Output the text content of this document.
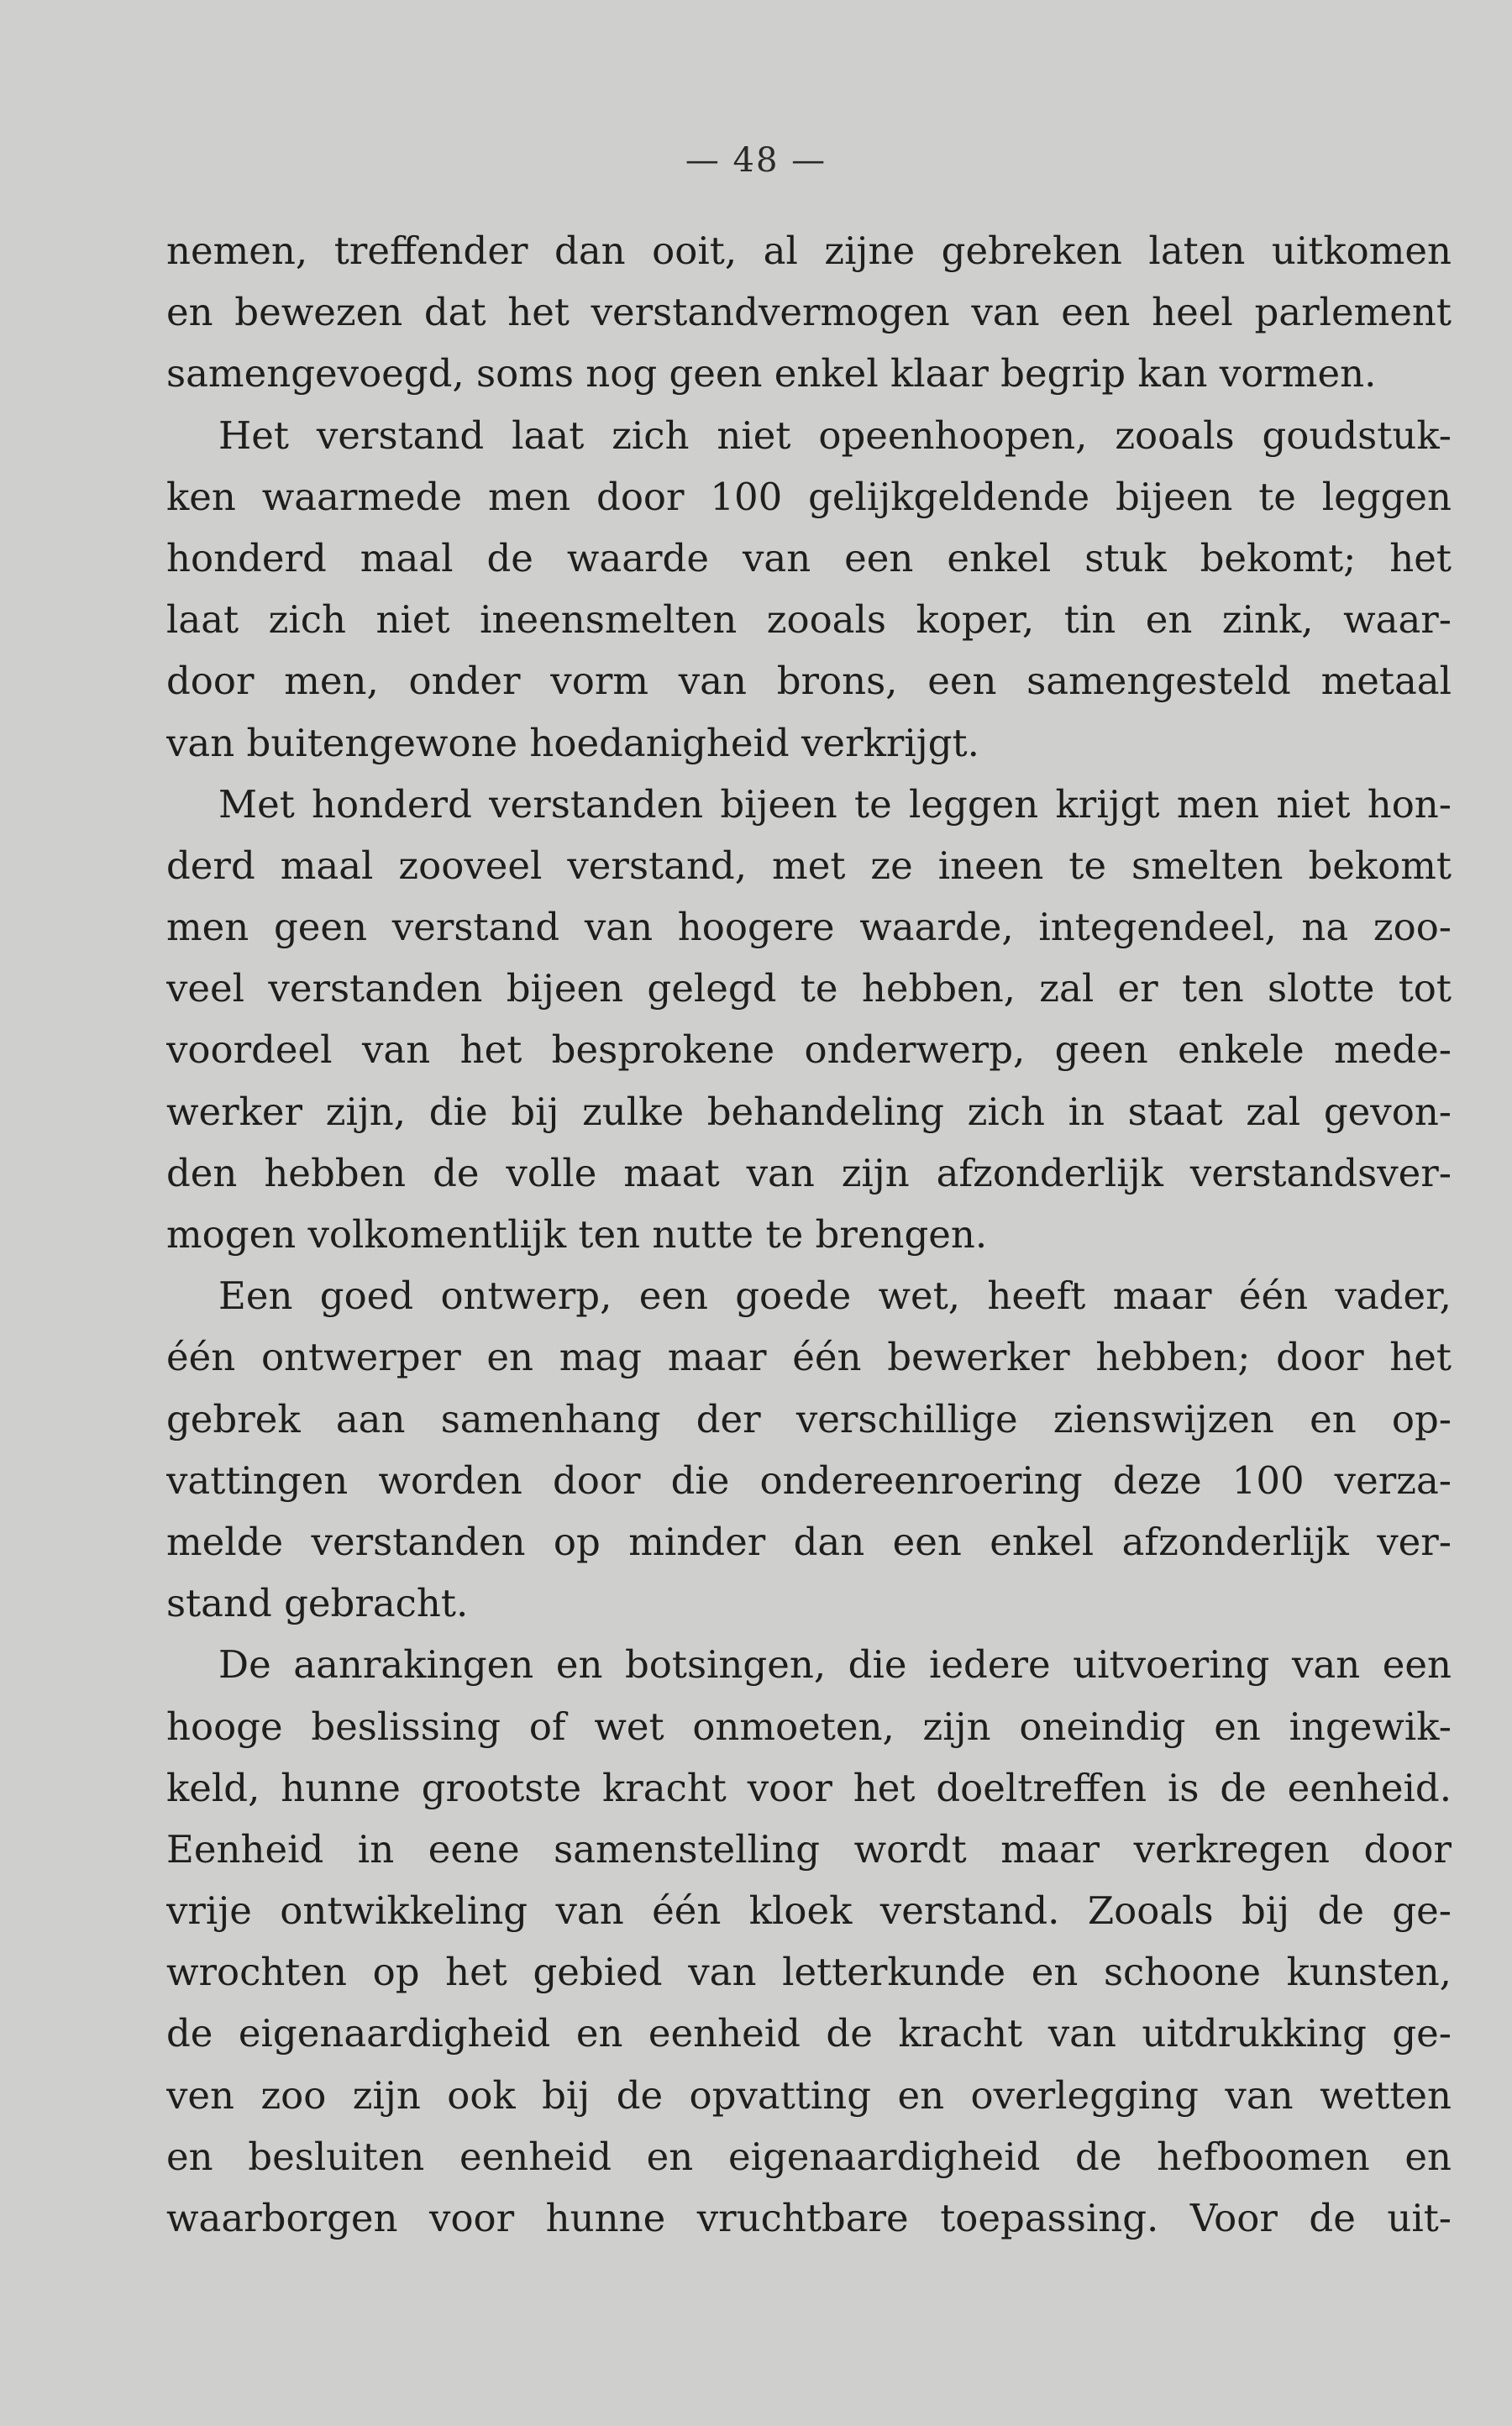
— 48 —
nemen, treffender dan ooit, al zijne gebreken laten uitkomen
en bewezen dat het verstandvermogen van een heel parlement
samengevoegd, soms nog geen enkel klaar begrip kan vormen.
Het verstand laat zich niet opeenhoopen, zooals goudstuk-
ken waarmede men door 100 gelijkgeldende bijeen te leggen
honderd maal de waarde van een enkel stuk bekomt; het
laat zich niet ineensmelten zooals koper, tin en zink, waar-
door men, onder vorm van brons, een samengesteld metaal
van buitengewone hoedanigheid verkrijgt.
Met honderd verstanden bijeen te leggen krijgt men niet hon-
derd maal zooveel verstand, met ze ineen te smelten bekomt
men geen verstand van hoogere waarde, integendeel, na zoo-
veel verstanden bijeen gelegd te hebben, zal er ten slotte tot
voordeel van het besprokene onderwerp, geen enkele mede-
werker zijn, die bij zulke behandeling zich in staat zal gevon-
den hebben de volle maat van zijn afzonderlijk verstandsver-
mogen volkomentlijk ten nutte te brengen.
Een goed ontwerp, een goede wet, heeft maar één vader,
één ontwerper en mag maar één bewerker hebben; door het
gebrek aan samenhang der verschillige zienswijzen en op-
vattingen worden door die ondereenroering deze 100 verza-
melde verstanden op minder dan een enkel afzonderlijk ver-
stand gebracht.
De aanrakingen en botsingen, die iedere uitvoering van een
hooge beslissing of wet onmoeten, zijn oneindig en ingewik-
keld, hunne grootste kracht voor het doeltreffen is de eenheid.
Eenheid in eene samenstelling wordt maar verkregen door
vrije ontwikkeling van één kloek verstand. Zooals bij de ge-
wrochten op het gebied van letterkunde en schoone kunsten,
de eigenaardigheid en eenheid de kracht van uitdrukking ge-
ven zoo zijn ook bij de opvatting en overlegging van wetten
en besluiten eenheid en eigenaardigheid de hefboomen en
waarborgen voor hunne vruchtbare toepassing. Voor de uit-
